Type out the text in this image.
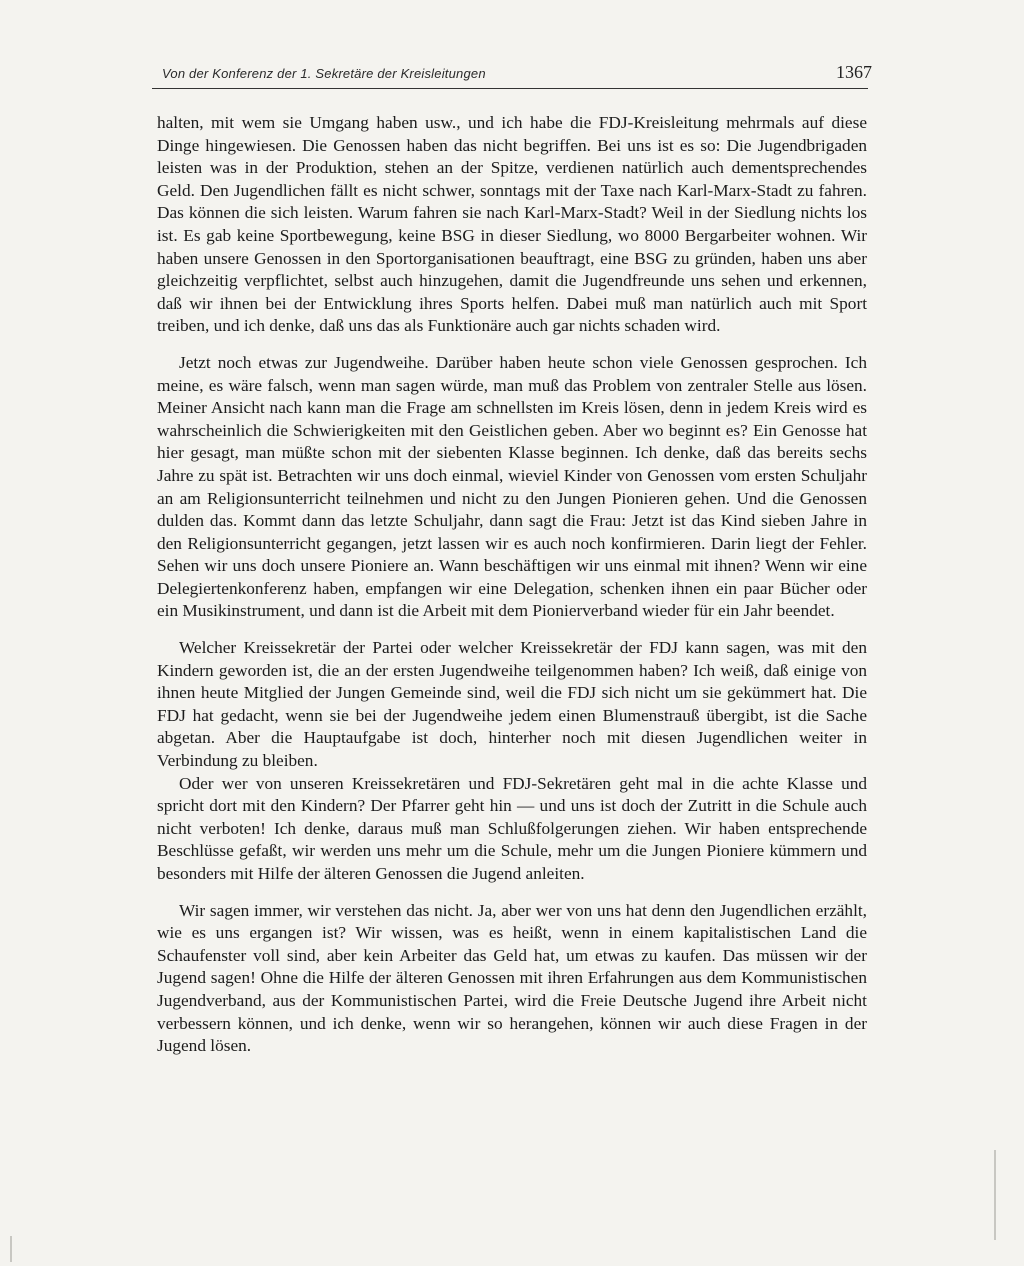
Von der Konferenz der 1. Sekretäre der Kreisleitungen	1367

halten, mit wem sie Umgang haben usw., und ich habe die FDJ-Kreisleitung mehrmals auf diese Dinge hingewiesen. Die Genossen haben das nicht begriffen. Bei uns ist es so: Die Jugendbrigaden leisten was in der Produktion, stehen an der Spitze, verdienen natürlich auch dementsprechendes Geld. Den Jugendlichen fällt es nicht schwer, sonntags mit der Taxe nach Karl-Marx-Stadt zu fahren. Das können die sich leisten. Warum fahren sie nach Karl-Marx-Stadt? Weil in der Siedlung nichts los ist. Es gab keine Sportbewegung, keine BSG in dieser Siedlung, wo 8000 Bergarbeiter wohnen. Wir haben unsere Genossen in den Sportorganisationen beauftragt, eine BSG zu gründen, haben uns aber gleichzeitig verpflichtet, selbst auch hinzugehen, damit die Jugendfreunde uns sehen und erkennen, daß wir ihnen bei der Entwicklung ihres Sports helfen. Dabei muß man natürlich auch mit Sport treiben, und ich denke, daß uns das als Funktionäre auch gar nichts schaden wird.

Jetzt noch etwas zur Jugendweihe. Darüber haben heute schon viele Genossen gesprochen. Ich meine, es wäre falsch, wenn man sagen würde, man muß das Problem von zentraler Stelle aus lösen. Meiner Ansicht nach kann man die Frage am schnellsten im Kreis lösen, denn in jedem Kreis wird es wahrscheinlich die Schwierigkeiten mit den Geistlichen geben. Aber wo beginnt es? Ein Genosse hat hier gesagt, man müßte schon mit der siebenten Klasse beginnen. Ich denke, daß das bereits sechs Jahre zu spät ist. Betrachten wir uns doch einmal, wieviel Kinder von Genossen vom ersten Schuljahr an am Religionsunterricht teilnehmen und nicht zu den Jungen Pionieren gehen. Und die Genossen dulden das. Kommt dann das letzte Schuljahr, dann sagt die Frau: Jetzt ist das Kind sieben Jahre in den Religionsunterricht gegangen, jetzt lassen wir es auch noch konfirmieren. Darin liegt der Fehler. Sehen wir uns doch unsere Pioniere an. Wann beschäftigen wir uns einmal mit ihnen? Wenn wir eine Delegiertenkonferenz haben, empfangen wir eine Delegation, schenken ihnen ein paar Bücher oder ein Musikinstrument, und dann ist die Arbeit mit dem Pionierverband wieder für ein Jahr beendet.

Welcher Kreissekretär der Partei oder welcher Kreissekretär der FDJ kann sagen, was mit den Kindern geworden ist, die an der ersten Jugendweihe teilgenommen haben? Ich weiß, daß einige von ihnen heute Mitglied der Jungen Gemeinde sind, weil die FDJ sich nicht um sie gekümmert hat. Die FDJ hat gedacht, wenn sie bei der Jugendweihe jedem einen Blumenstrauß übergibt, ist die Sache abgetan. Aber die Hauptaufgabe ist doch, hinterher noch mit diesen Jugendlichen weiter in Verbindung zu bleiben.

Oder wer von unseren Kreissekretären und FDJ-Sekretären geht mal in die achte Klasse und spricht dort mit den Kindern? Der Pfarrer geht hin — und uns ist doch der Zutritt in die Schule auch nicht verboten! Ich denke, daraus muß man Schlußfolgerungen ziehen. Wir haben entsprechende Beschlüsse gefaßt, wir werden uns mehr um die Schule, mehr um die Jungen Pioniere kümmern und besonders mit Hilfe der älteren Genossen die Jugend anleiten.

Wir sagen immer, wir verstehen das nicht. Ja, aber wer von uns hat denn den Jugendlichen erzählt, wie es uns ergangen ist? Wir wissen, was es heißt, wenn in einem kapitalistischen Land die Schaufenster voll sind, aber kein Arbeiter das Geld hat, um etwas zu kaufen. Das müssen wir der Jugend sagen! Ohne die Hilfe der älteren Genossen mit ihren Erfahrungen aus dem Kommunistischen Jugendverband, aus der Kommunistischen Partei, wird die Freie Deutsche Jugend ihre Arbeit nicht verbessern können, und ich denke, wenn wir so herangehen, können wir auch diese Fragen in der Jugend lösen.
